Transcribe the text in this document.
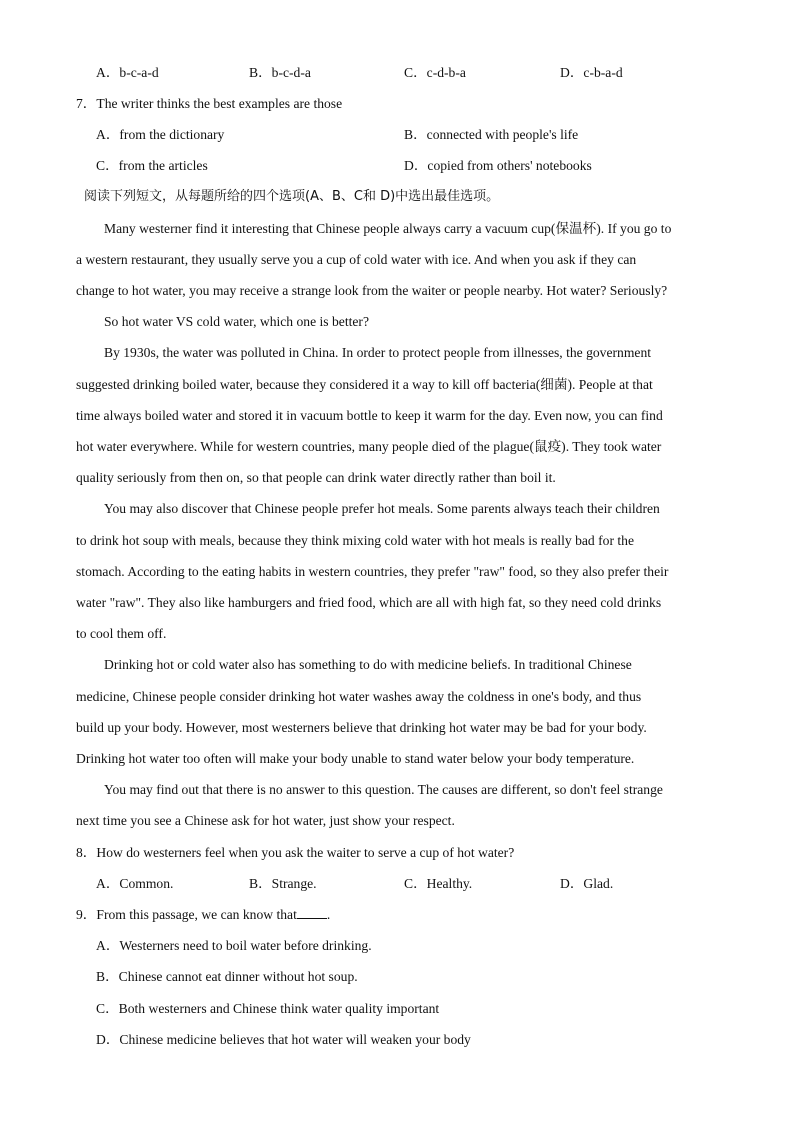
A．b-c-a-d	B．b-c-d-a	C．c-d-b-a	D．c-b-a-d
7．The writer thinks the best examples are those
A．from the dictionary	B．connected with people's life
C．from the articles	D．copied from others' notebooks
阅读下列短文，从每题所给的四个选项(A、B、C和 D)中选出最佳选项。
Many westerner find it interesting that Chinese people always carry a vacuum cup(保温杯). If you go to
a western restaurant, they usually serve you a cup of cold water with ice. And when you ask if they can
change to hot water, you may receive a strange look from the waiter or people nearby. Hot water? Seriously?
So hot water VS cold water, which one is better?
By 1930s, the water was polluted in China. In order to protect people from illnesses, the government
suggested drinking boiled water, because they considered it a way to kill off bacteria(细菌). People at that
time always boiled water and stored it in vacuum bottle to keep it warm for the day. Even now, you can find
hot water everywhere. While for western countries, many people died of the plague(鼠疫). They took water
quality seriously from then on, so that people can drink water directly rather than boil it.
You may also discover that Chinese people prefer hot meals. Some parents always teach their children
to drink hot soup with meals, because they think mixing cold water with hot meals is really bad for the
stomach. According to the eating habits in western countries, they prefer "raw" food, so they also prefer their
water "raw". They also like hamburgers and fried food, which are all with high fat, so they need cold drinks
to cool them off.
Drinking hot or cold water also has something to do with medicine beliefs. In traditional Chinese
medicine, Chinese people consider drinking hot water washes away the coldness in one's body, and thus
build up your body. However, most westerners believe that drinking hot water may be bad for your body.
Drinking hot water too often will make your body unable to stand water below your body temperature.
You may find out that there is no answer to this question. The causes are different, so don't feel strange
next time you see a Chinese ask for hot water, just show your respect.
8．How do westerners feel when you ask the waiter to serve a cup of hot water?
A．Common.	B．Strange.	C．Healthy.	D．Glad.
9．From this passage, we can know that .
A．Westerners need to boil water before drinking.
B．Chinese cannot eat dinner without hot soup.
C．Both westerners and Chinese think water quality important
D．Chinese medicine believes that hot water will weaken your body
